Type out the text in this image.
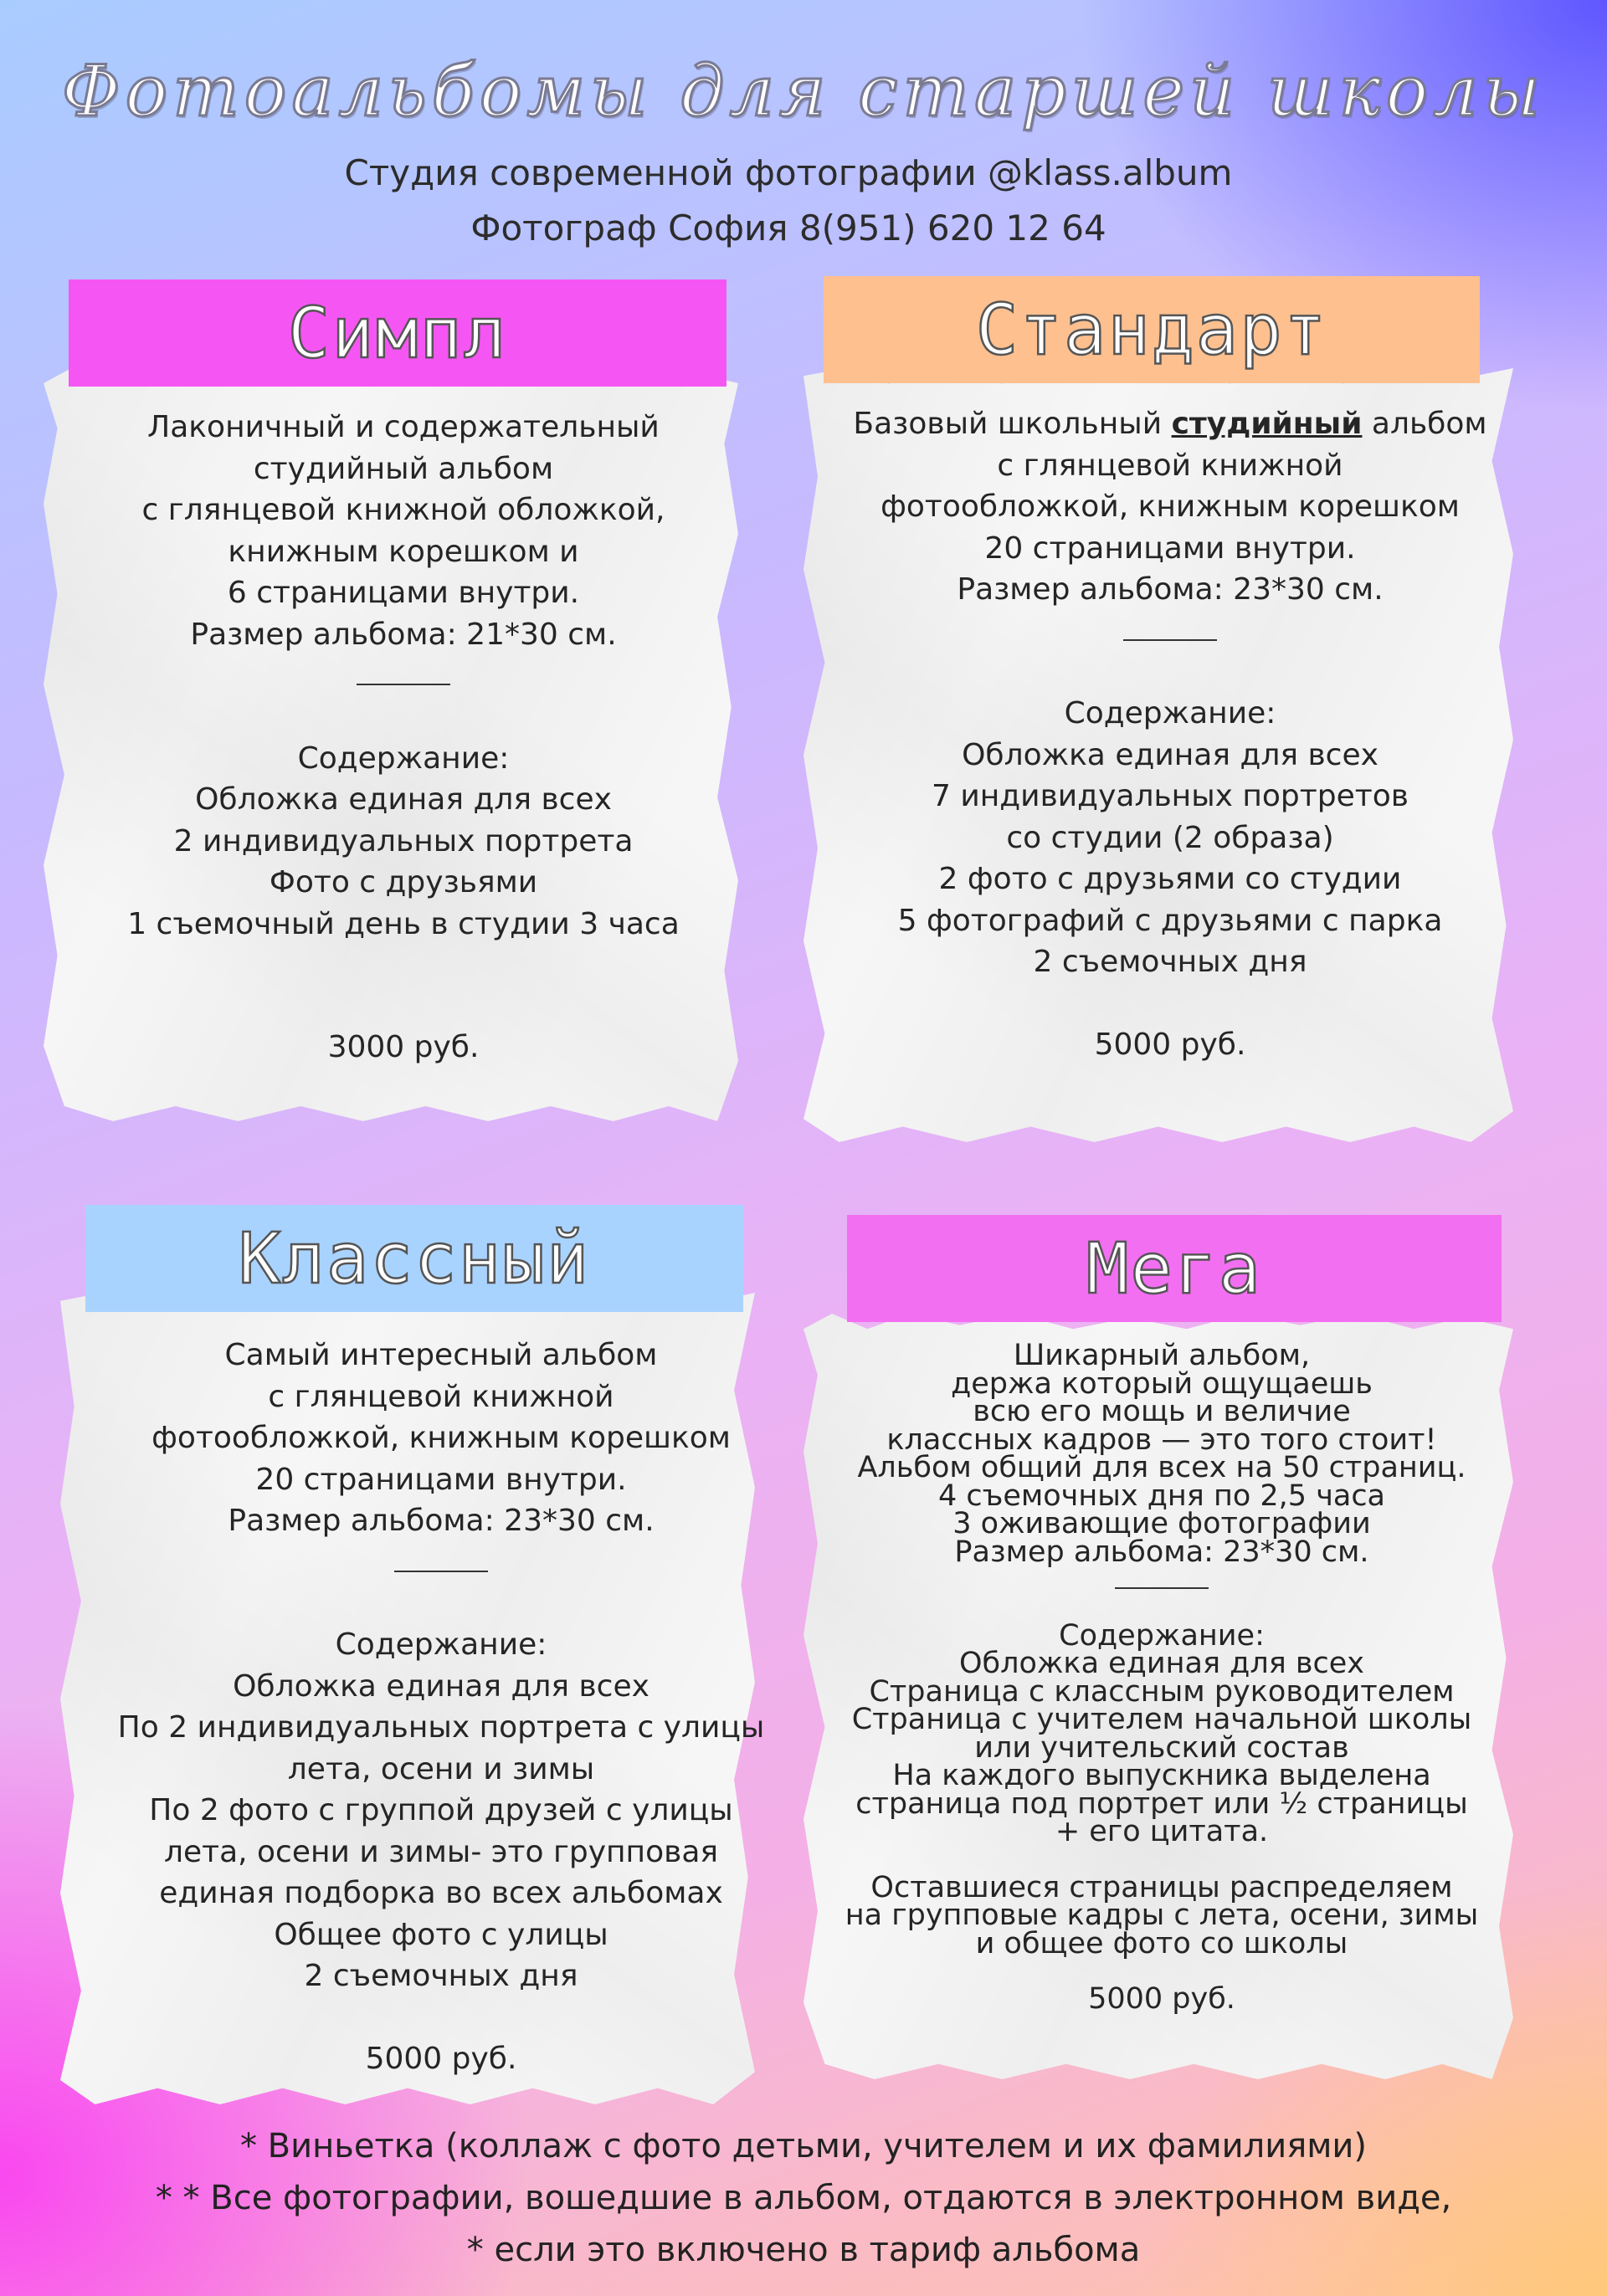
Фотоальбомы для старшей школы
Студия современной фотографии @klass.album
Фотограф София 8(951) 620 12 64
Симпл

Лаконичный и содержательный

студийный альбом

с глянцевой книжной обложкой,

книжным корешком и

6 страницами внутри.

Размер альбома: 21*30 см.

Содержание:

Обложка единая для всех

2 индивидуальных портрета

Фото с друзьями

1 съемочный день в студии 3 часа

3000 руб.

Стандарт

Базовый школьный студийный альбом

с глянцевой книжной

фотообложкой, книжным корешком

20 страницами внутри.

Размер альбома: 23*30 см.

Содержание:

Обложка единая для всех

7 индивидуальных портретов

со студии (2 образа)

2 фото с друзьями со студии

5 фотографий с друзьями с парка

2 съемочных дня

5000 руб.

Классный

Самый интересный альбом

с глянцевой книжной

фотообложкой, книжным корешком

20 страницами внутри.

Размер альбома: 23*30 см.

Содержание:

Обложка единая для всех

По 2 индивидуальных портрета с улицы

лета, осени и зимы

По 2 фото с группой друзей с улицы

лета, осени и зимы- это групповая

единая подборка во всех альбомах

Общее фото с улицы

2 съемочных дня

5000 руб.

Мега

Шикарный альбом,

держа который ощущаешь

всю его мощь и величие

классных кадров — это того стоит!

Альбом общий для всех на 50 страниц.

4 съемочных дня по 2,5 часа

3 оживающие фотографии

Размер альбома: 23*30 см.

Содержание:

Обложка единая для всех

Страница с классным руководителем

Страница с учителем начальной школы

или учительский состав

На каждого выпускника выделена

страница под портрет или ½ страницы

+ его цитата.

Оставшиеся страницы распределяем

на групповые кадры с лета, осени, зимы

и общее фото со школы

5000 руб.

* Виньетка (коллаж с фото детьми, учителем и их фамилиями)
* * Все фотографии, вошедшие в альбом, отдаются в электронном виде,
* если это включено в тариф альбома
